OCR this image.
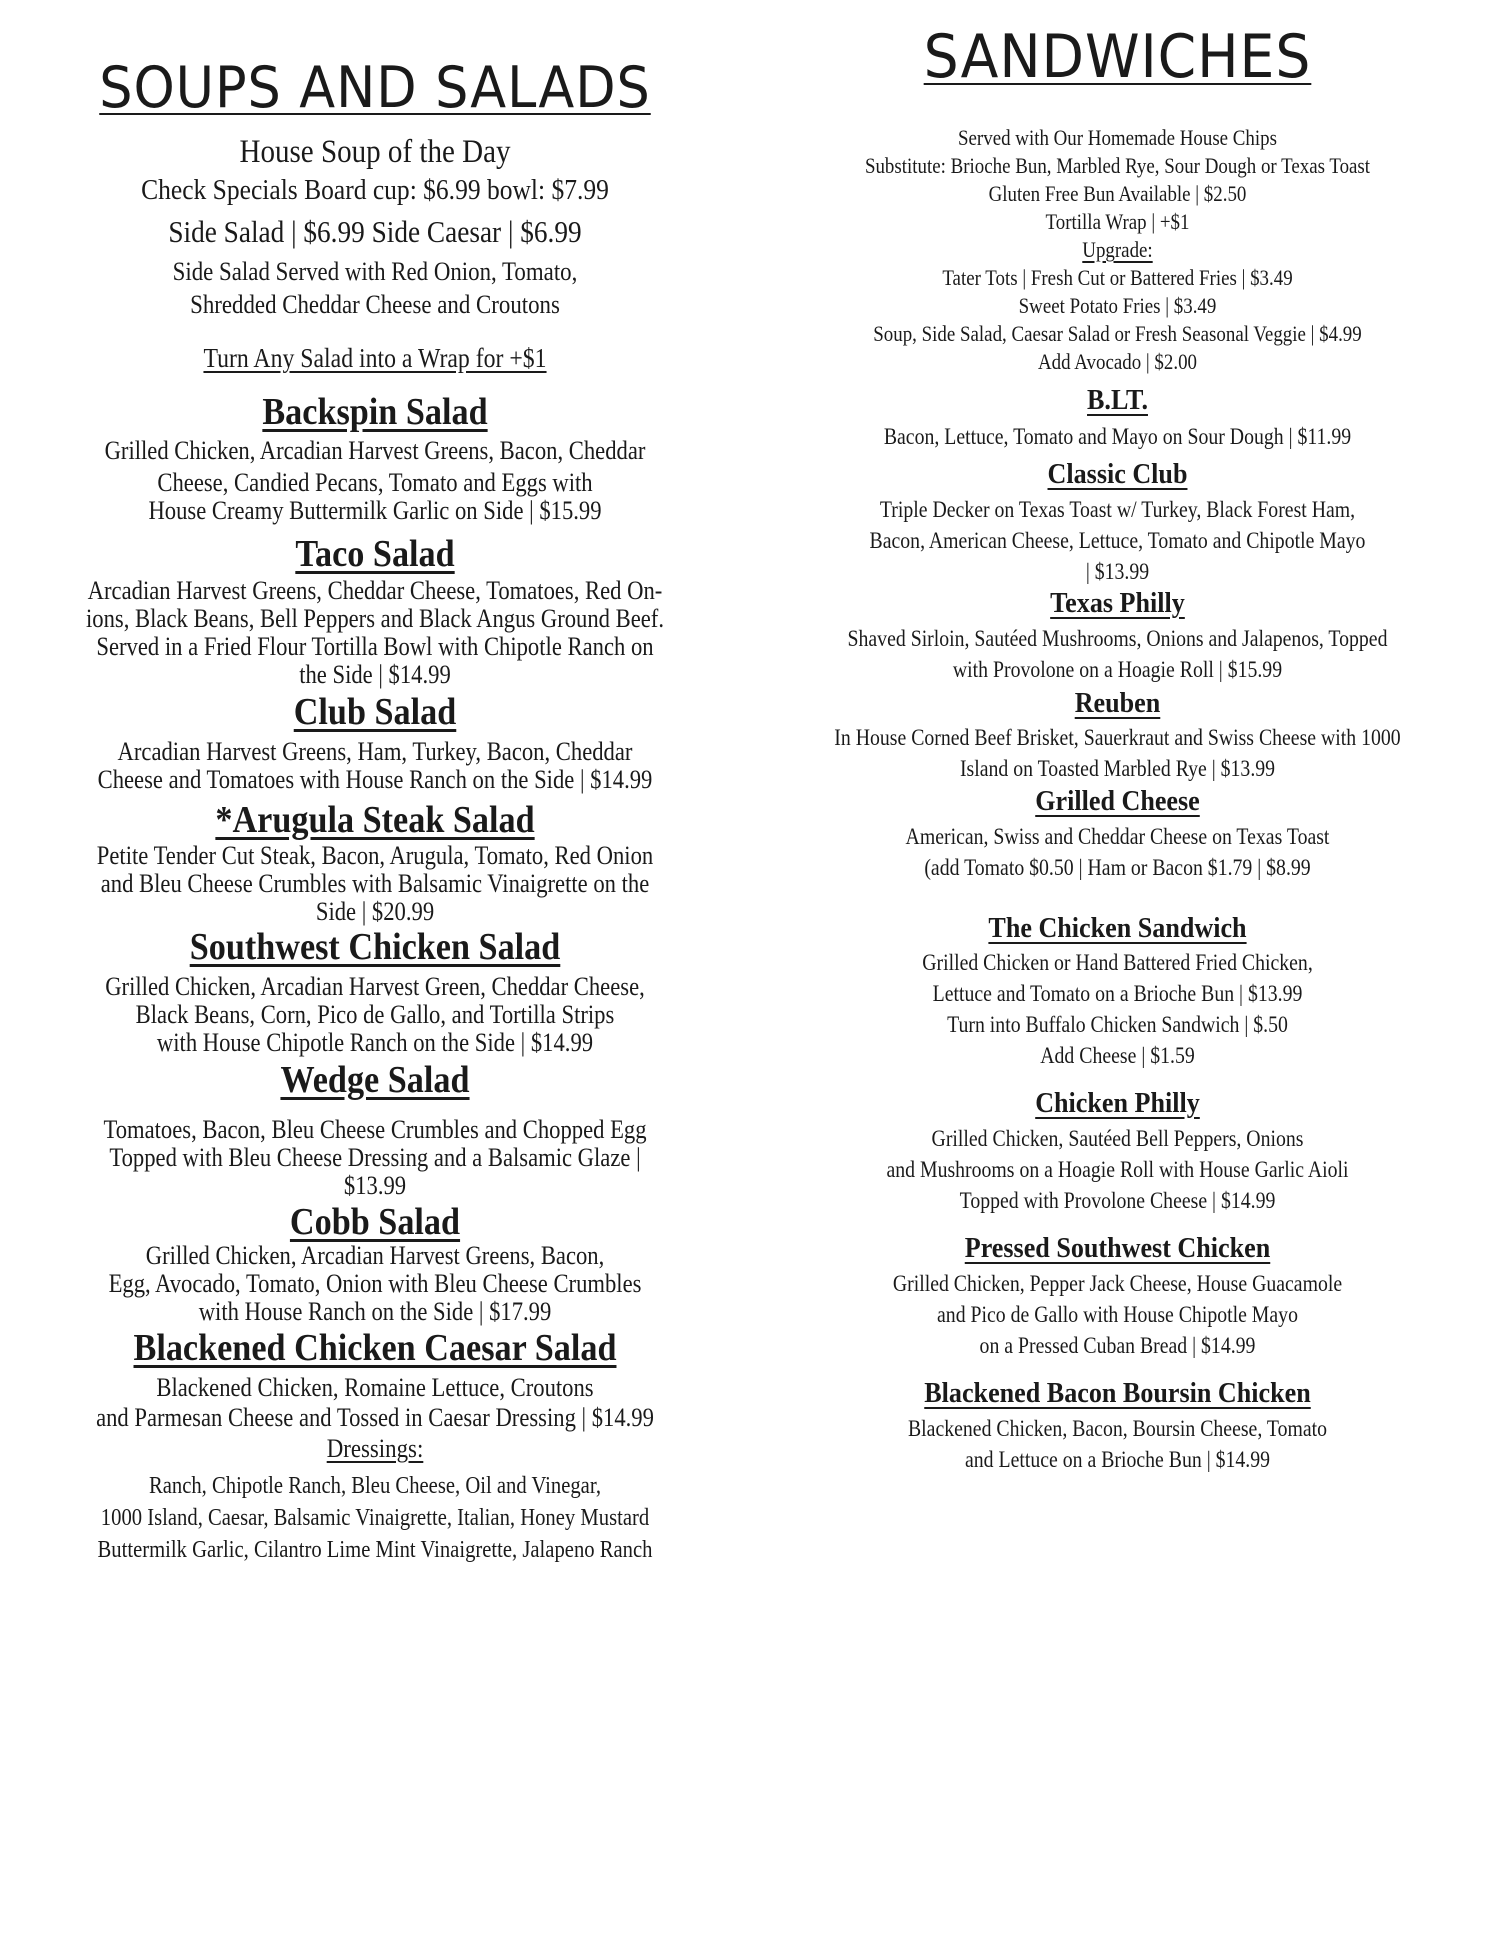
SOUPS AND SALADS

House Soup of the Day

Check Specials Board cup: $6.99 bowl: $7.99

Side Salad | $6.99 Side Caesar | $6.99

Side Salad Served with Red Onion, Tomato,
Shredded Cheddar Cheese and Croutons

Turn Any Salad into a Wrap for +$1

Backspin Salad

Grilled Chicken, Arcadian Harvest Greens, Bacon, Cheddar
Cheese, Candied Pecans, Tomato and Eggs with
House Creamy Buttermilk Garlic on Side | $15.99

Taco Salad

Arcadian Harvest Greens, Cheddar Cheese, Tomatoes, Red On-
ions, Black Beans, Bell Peppers and Black Angus Ground Beef.
Served in a Fried Flour Tortilla Bowl with Chipotle Ranch on
the Side | $14.99

Club Salad

Arcadian Harvest Greens, Ham, Turkey, Bacon, Cheddar
Cheese and Tomatoes with House Ranch on the Side | $14.99

*Arugula Steak Salad

Petite Tender Cut Steak, Bacon, Arugula, Tomato, Red Onion
and Bleu Cheese Crumbles with Balsamic Vinaigrette on the
Side | $20.99

Southwest Chicken Salad

Grilled Chicken, Arcadian Harvest Green, Cheddar Cheese,
Black Beans, Corn, Pico de Gallo, and Tortilla Strips
with House Chipotle Ranch on the Side | $14.99

Wedge Salad

Tomatoes, Bacon, Bleu Cheese Crumbles and Chopped Egg
Topped with Bleu Cheese Dressing and a Balsamic Glaze |
$13.99

Cobb Salad

Grilled Chicken, Arcadian Harvest Greens, Bacon,
Egg, Avocado, Tomato, Onion with Bleu Cheese Crumbles
with House Ranch on the Side | $17.99

Blackened Chicken Caesar Salad

Blackened Chicken, Romaine Lettuce, Croutons
and Parmesan Cheese and Tossed in Caesar Dressing | $14.99

Dressings:

Ranch, Chipotle Ranch, Bleu Cheese, Oil and Vinegar,
1000 Island, Caesar, Balsamic Vinaigrette, Italian, Honey Mustard
Buttermilk Garlic, Cilantro Lime Mint Vinaigrette, Jalapeno Ranch

SANDWICHES

Served with Our Homemade House Chips
Substitute: Brioche Bun, Marbled Rye, Sour Dough or Texas Toast
Gluten Free Bun Available | $2.50
Tortilla Wrap | +$1

Upgrade:

Tater Tots | Fresh Cut or Battered Fries | $3.49
Sweet Potato Fries | $3.49
Soup, Side Salad, Caesar Salad or Fresh Seasonal Veggie | $4.99
Add Avocado | $2.00

B.LT.

Bacon, Lettuce, Tomato and Mayo on Sour Dough | $11.99

Classic Club

Triple Decker on Texas Toast w/ Turkey, Black Forest Ham,
Bacon, American Cheese, Lettuce, Tomato and Chipotle Mayo
| $13.99

Texas Philly

Shaved Sirloin, Sautéed Mushrooms, Onions and Jalapenos, Topped
with Provolone on a Hoagie Roll | $15.99

Reuben

In House Corned Beef Brisket, Sauerkraut and Swiss Cheese with 1000
Island on Toasted Marbled Rye | $13.99

Grilled Cheese

American, Swiss and Cheddar Cheese on Texas Toast
(add Tomato $0.50 | Ham or Bacon $1.79 | $8.99

The Chicken Sandwich

Grilled Chicken or Hand Battered Fried Chicken,
Lettuce and Tomato on a Brioche Bun | $13.99
Turn into Buffalo Chicken Sandwich | $.50
Add Cheese | $1.59

Chicken Philly

Grilled Chicken, Sautéed Bell Peppers, Onions
and Mushrooms on a Hoagie Roll with House Garlic Aioli
Topped with Provolone Cheese | $14.99

Pressed Southwest Chicken

Grilled Chicken, Pepper Jack Cheese, House Guacamole
and Pico de Gallo with House Chipotle Mayo
on a Pressed Cuban Bread | $14.99

Blackened Bacon Boursin Chicken

Blackened Chicken, Bacon, Boursin Cheese, Tomato
and Lettuce on a Brioche Bun | $14.99
